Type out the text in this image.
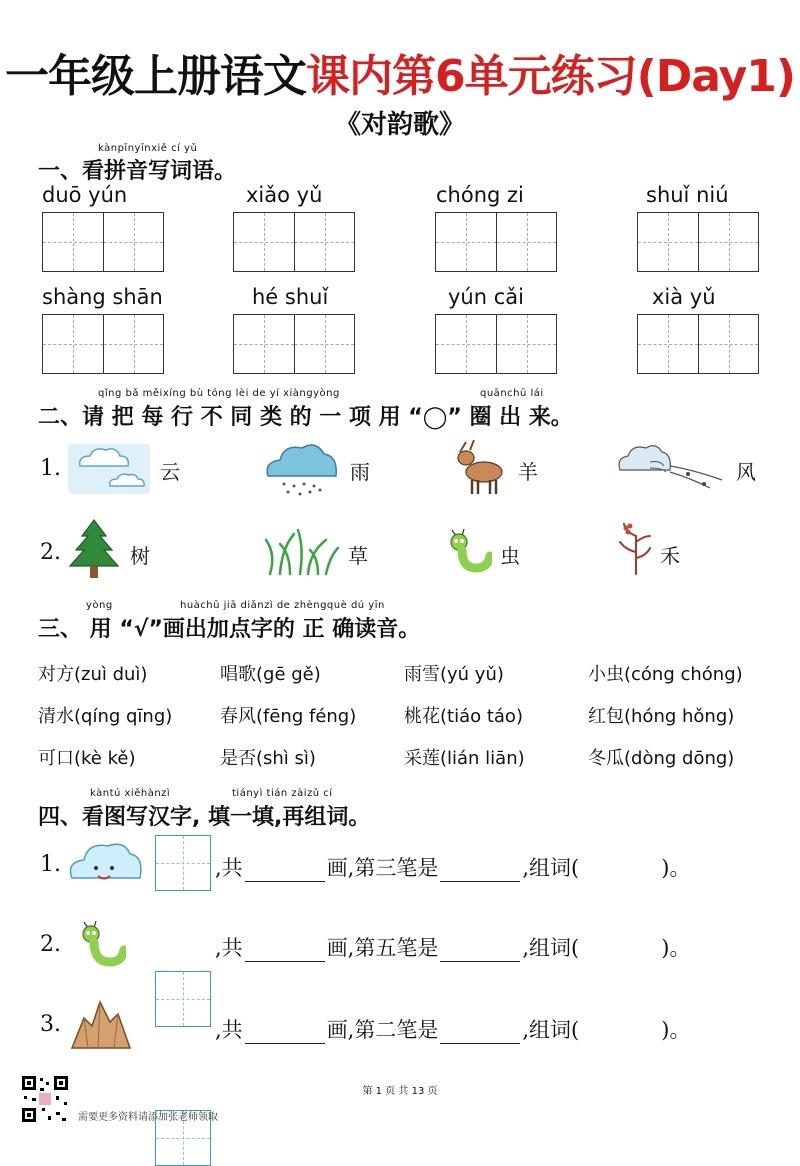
一年级上册语文课内第6单元练习(Day1)
《对韵歌》
kànpīnyīnxiě cí yǔ
一、看拼音写词语。
duō yún	xiǎo yǔ	chóng zi	shuǐ niú
shàng shān	hé shuǐ	yún cǎi	xià yǔ
qǐng bǎ měixíng bù tóng lèi de yí xiàngyòng	quānchū lái
二、请 把 每 行 不 同 类 的 一 项 用 “◯” 圈 出 来。
1.	云	雨	羊	风
2.	树	草	虫	禾
yòng	huàchū jiā diǎnzì de zhèngquè dú yīn
三、 用 “√”画出加点字的 正 确读音。
对方(zuì duì)	唱歌(gē gě)	雨雪(yú yǔ)	小虫(cóng chóng)
清水(qíng qīng)	春风(fēng féng)	桃花(tiáo táo)	红包(hóng hǒng)
可口(kè kě)	是否(shì sì)	采莲(lián liān)	冬瓜(dòng dōng)
kàntú xiěhànzì	tiányì tián zàizǔ cí
四、看图写汉字, 填一填,再组词。
1.	,共	画,第三笔是	,组词(	)。
2.	,共	画,第五笔是	,组词(	)。
3.	,共	画,第二笔是	,组词(	)。
第 1 页 共 13 页
需要更多资料请添加张老师领取
